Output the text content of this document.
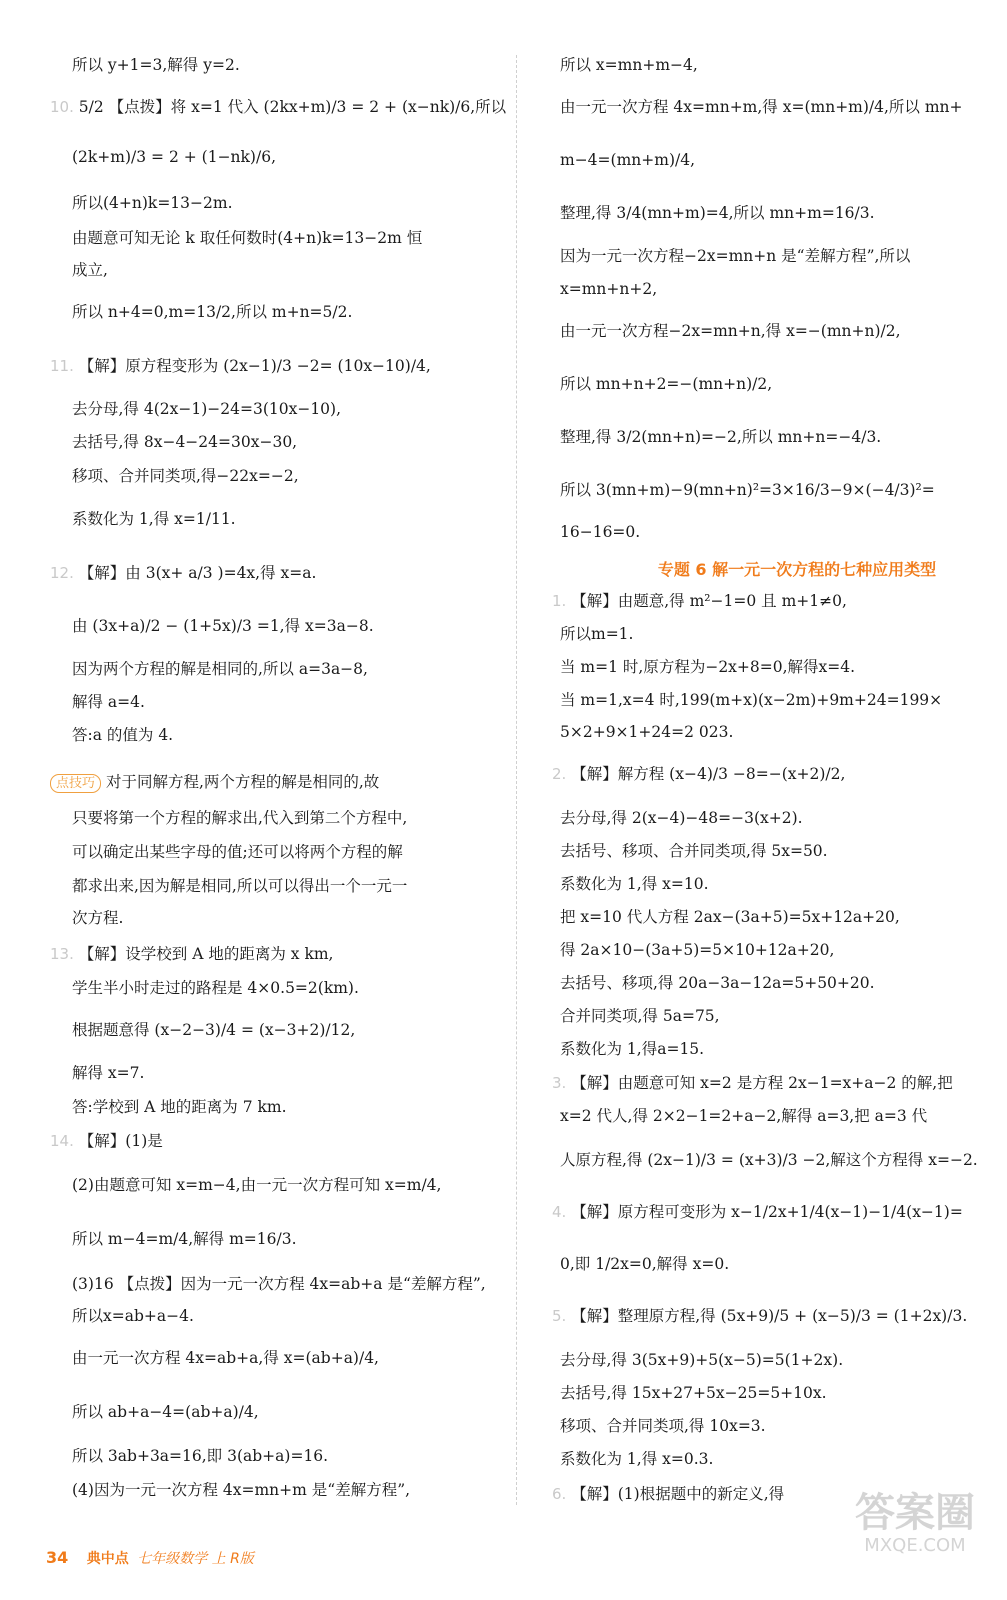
所以 y+1=3,解得 y=2.
10. 5/2 【点拨】将 x=1 代入 (2kx+m)/3 = 2 + (x−nk)/6,所以
(2k+m)/3 = 2 + (1−nk)/6,
所以(4+n)k=13−2m.
由题意可知无论 k 取任何数时(4+n)k=13−2m 恒
成立,
所以 n+4=0,m=13/2,所以 m+n=5/2.
11. 【解】原方程变形为 (2x−1)/3 −2= (10x−10)/4,
去分母,得 4(2x−1)−24=3(10x−10),
去括号,得 8x−4−24=30x−30,
移项、合并同类项,得−22x=−2,
系数化为 1,得 x=1/11.
12. 【解】由 3(x+ a/3 )=4x,得 x=a.
由 (3x+a)/2 − (1+5x)/3 =1,得 x=3a−8.
因为两个方程的解是相同的,所以 a=3a−8,
解得 a=4.
答:a 的值为 4.
点技巧 对于同解方程,两个方程的解是相同的,故
只要将第一个方程的解求出,代入到第二个方程中,
可以确定出某些字母的值;还可以将两个方程的解
都求出来,因为解是相同,所以可以得出一个一元一
次方程.
13. 【解】设学校到 A 地的距离为 x km,
学生半小时走过的路程是 4×0.5=2(km).
根据题意得 (x−2−3)/4 = (x−3+2)/12,
解得 x=7.
答:学校到 A 地的距离为 7 km.
14. 【解】(1)是
(2)由题意可知 x=m−4,由一元一次方程可知 x=m/4,
所以 m−4=m/4,解得 m=16/3.
(3)16 【点拨】因为一元一次方程 4x=ab+a 是“差解方程”,
所以x=ab+a−4.
由一元一次方程 4x=ab+a,得 x=(ab+a)/4,
所以 ab+a−4=(ab+a)/4,
所以 3ab+3a=16,即 3(ab+a)=16.
(4)因为一元一次方程 4x=mn+m 是“差解方程”,
专题 6 解一元一次方程的七种应用类型
所以 x=mn+m−4,
由一元一次方程 4x=mn+m,得 x=(mn+m)/4,所以 mn+
m−4=(mn+m)/4,
整理,得 3/4(mn+m)=4,所以 mn+m=16/3.
因为一元一次方程−2x=mn+n 是“差解方程”,所以
x=mn+n+2,
由一元一次方程−2x=mn+n,得 x=−(mn+n)/2,
所以 mn+n+2=−(mn+n)/2,
整理,得 3/2(mn+n)=−2,所以 mn+n=−4/3.
所以 3(mn+m)−9(mn+n)²=3×16/3−9×(−4/3)²=
16−16=0.
1. 【解】由题意,得 m²−1=0 且 m+1≠0,
所以m=1.
当 m=1 时,原方程为−2x+8=0,解得x=4.
当 m=1,x=4 时,199(m+x)(x−2m)+9m+24=199×
5×2+9×1+24=2 023.
2. 【解】解方程 (x−4)/3 −8=−(x+2)/2,
去分母,得 2(x−4)−48=−3(x+2).
去括号、移项、合并同类项,得 5x=50.
系数化为 1,得 x=10.
把 x=10 代人方程 2ax−(3a+5)=5x+12a+20,
得 2a×10−(3a+5)=5×10+12a+20,
去括号、移项,得 20a−3a−12a=5+50+20.
合并同类项,得 5a=75,
系数化为 1,得a=15.
3. 【解】由题意可知 x=2 是方程 2x−1=x+a−2 的解,把
x=2 代人,得 2×2−1=2+a−2,解得 a=3,把 a=3 代
人原方程,得 (2x−1)/3 = (x+3)/3 −2,解这个方程得 x=−2.
4. 【解】原方程可变形为 x−1/2x+1/4(x−1)−1/4(x−1)=
0,即 1/2x=0,解得 x=0.
5. 【解】整理原方程,得 (5x+9)/5 + (x−5)/3 = (1+2x)/3.
去分母,得 3(5x+9)+5(x−5)=5(1+2x).
去括号,得 15x+27+5x−25=5+10x.
移项、合并同类项,得 10x=3.
系数化为 1,得 x=0.3.
6. 【解】(1)根据题中的新定义,得
34 典中点 七年级数学 上 R版
答案圈
MXQE.COM
